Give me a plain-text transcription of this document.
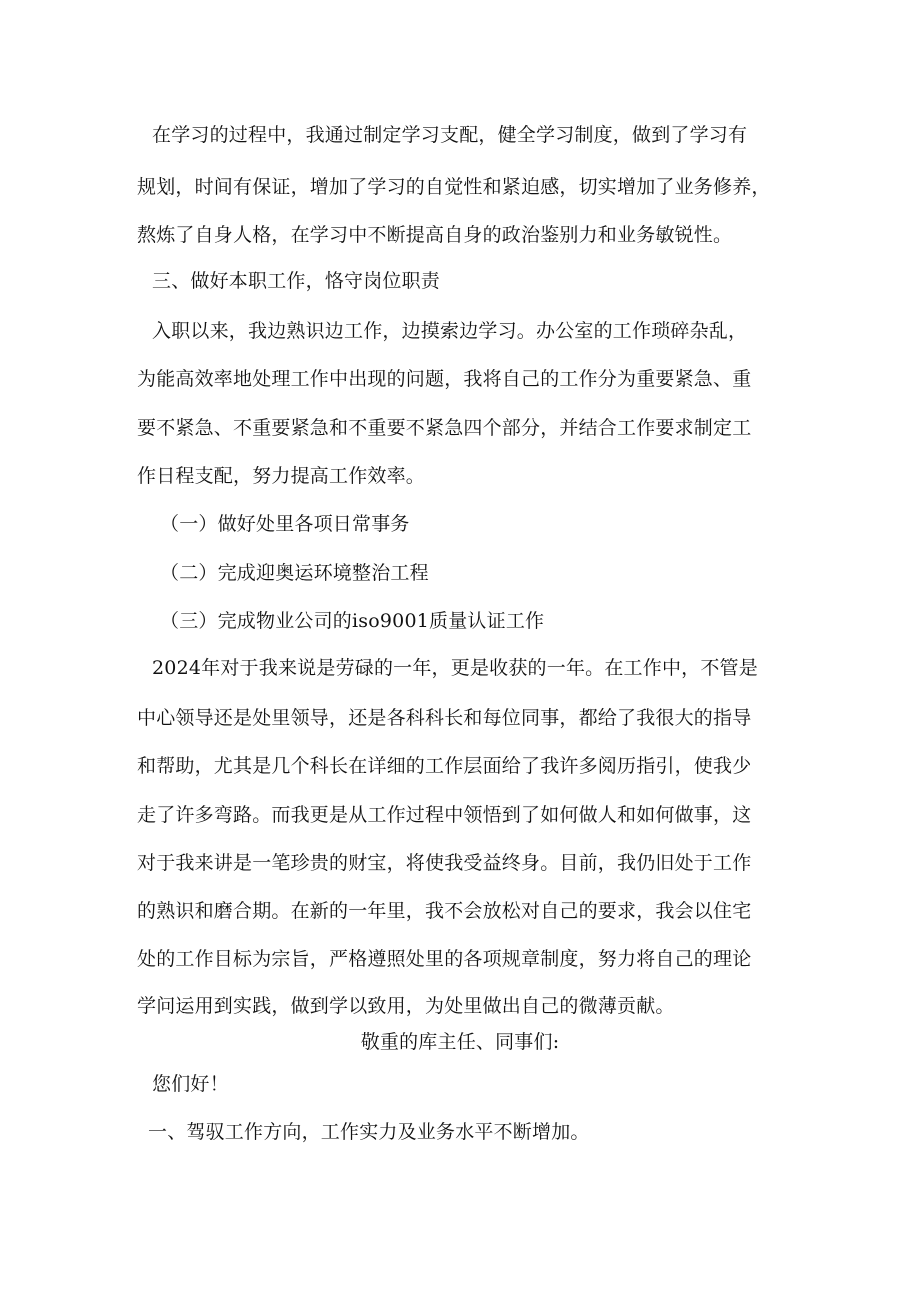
在学习的过程中，我通过制定学习支配，健全学习制度，做到了学习有
规划，时间有保证，增加了学习的自觉性和紧迫感，切实增加了业务修养，
熬炼了自身人格，在学习中不断提高自身的政治鉴别力和业务敏锐性。
三、做好本职工作，恪守岗位职责
入职以来，我边熟识边工作，边摸索边学习。办公室的工作琐碎杂乱，
为能高效率地处理工作中出现的问题，我将自己的工作分为重要紧急、重
要不紧急、不重要紧急和不重要不紧急四个部分，并结合工作要求制定工
作日程支配，努力提高工作效率。
（一）做好处里各项日常事务
（二）完成迎奥运环境整治工程
（三）完成物业公司的iso9001质量认证工作
2024年对于我来说是劳碌的一年，更是收获的一年。在工作中，不管是
中心领导还是处里领导，还是各科科长和每位同事，都给了我很大的指导
和帮助，尤其是几个科长在详细的工作层面给了我许多阅历指引，使我少
走了许多弯路。而我更是从工作过程中领悟到了如何做人和如何做事，这
对于我来讲是一笔珍贵的财宝，将使我受益终身。目前，我仍旧处于工作
的熟识和磨合期。在新的一年里，我不会放松对自己的要求，我会以住宅
处的工作目标为宗旨，严格遵照处里的各项规章制度，努力将自己的理论
学问运用到实践，做到学以致用，为处里做出自己的微薄贡献。
敬重的库主任、同事们:
您们好！
一、驾驭工作方向，工作实力及业务水平不断增加。
